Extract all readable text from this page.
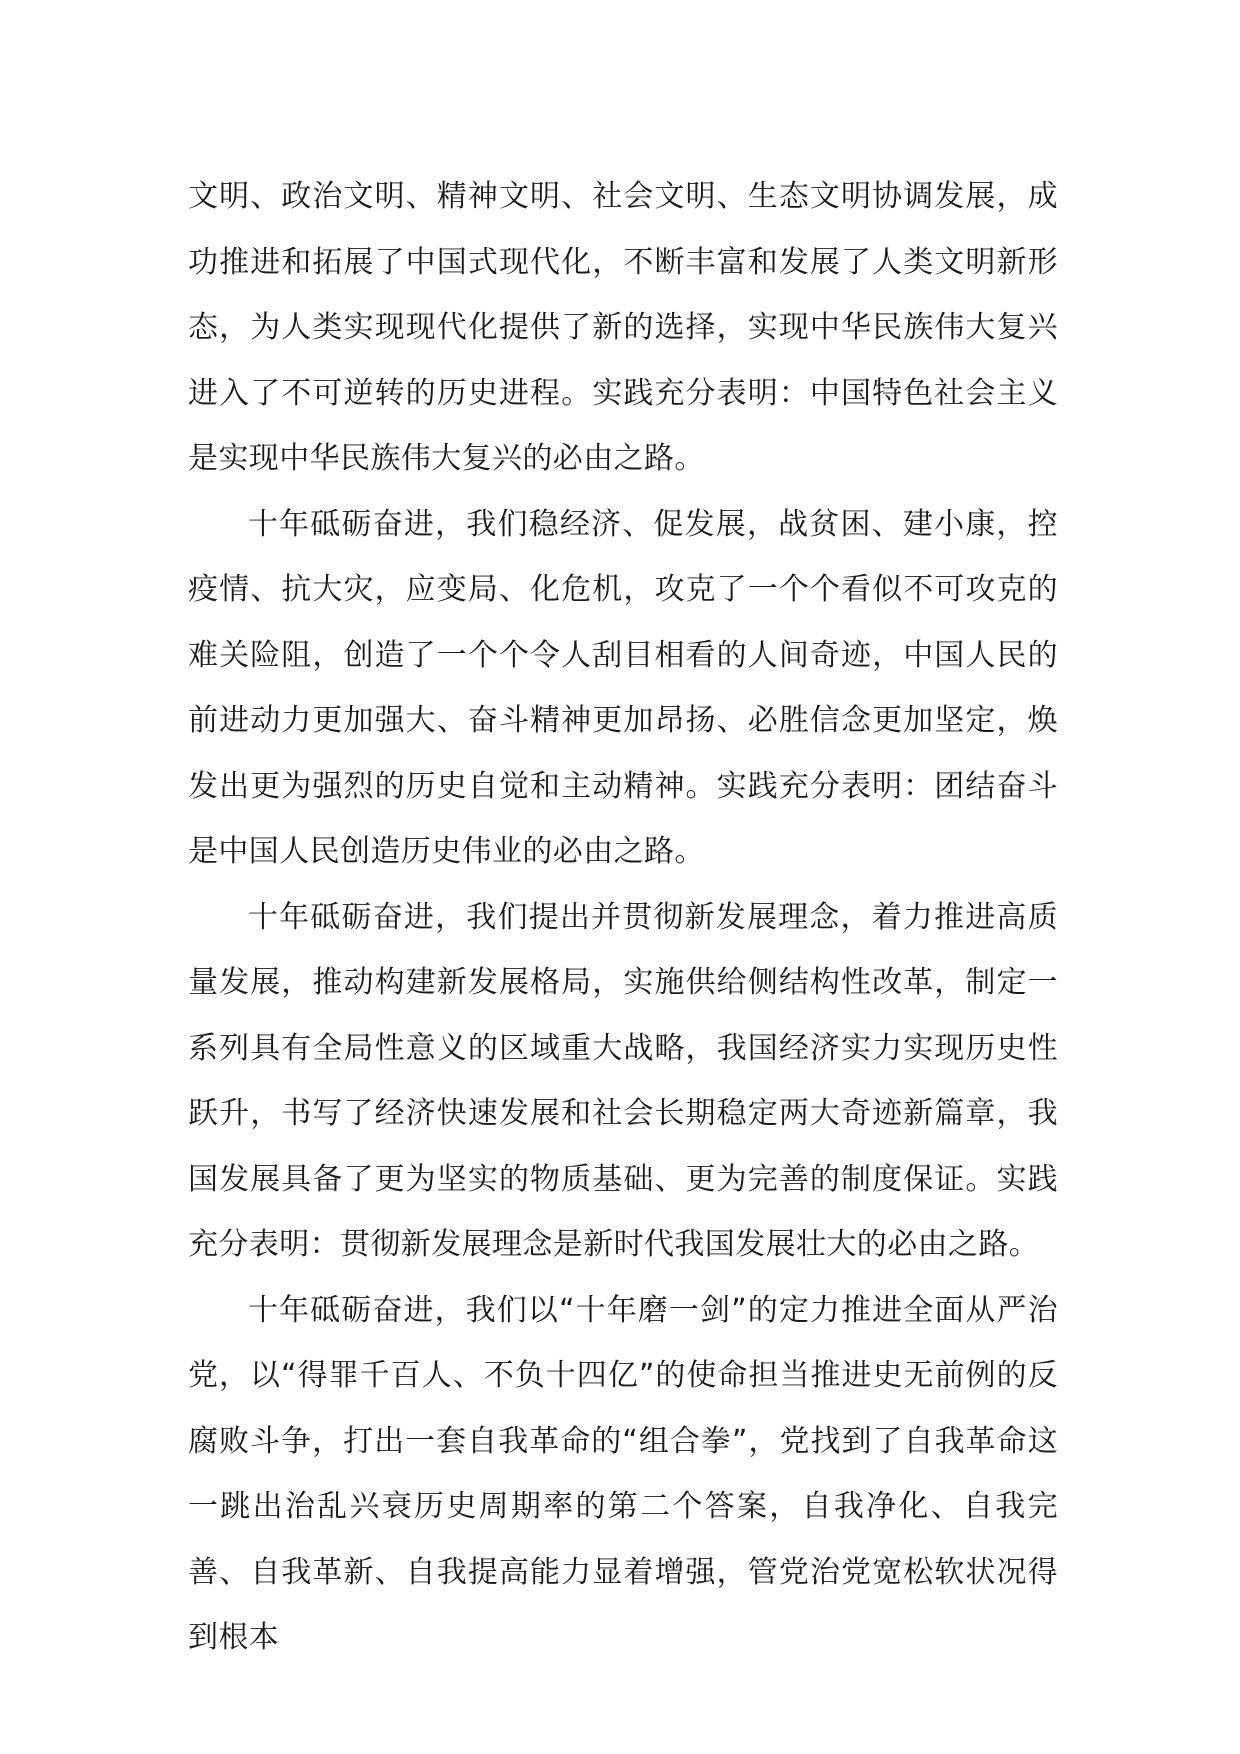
文明、政治文明、精神文明、社会文明、生态文明协调发展，成功推进和拓展了中国式现代化，不断丰富和发展了人类文明新形态，为人类实现现代化提供了新的选择，实现中华民族伟大复兴进入了不可逆转的历史进程。实践充分表明：中国特色社会主义是实现中华民族伟大复兴的必由之路。

十年砥砺奋进，我们稳经济、促发展，战贫困、建小康，控疫情、抗大灾，应变局、化危机，攻克了一个个看似不可攻克的难关险阻，创造了一个个令人刮目相看的人间奇迹，中国人民的前进动力更加强大、奋斗精神更加昂扬、必胜信念更加坚定，焕发出更为强烈的历史自觉和主动精神。实践充分表明：团结奋斗是中国人民创造历史伟业的必由之路。

十年砥砺奋进，我们提出并贯彻新发展理念，着力推进高质量发展，推动构建新发展格局，实施供给侧结构性改革，制定一系列具有全局性意义的区域重大战略，我国经济实力实现历史性跃升，书写了经济快速发展和社会长期稳定两大奇迹新篇章，我国发展具备了更为坚实的物质基础、更为完善的制度保证。实践充分表明：贯彻新发展理念是新时代我国发展壮大的必由之路。

十年砥砺奋进，我们以“十年磨一剑”的定力推进全面从严治党，以“得罪千百人、不负十四亿”的使命担当推进史无前例的反腐败斗争，打出一套自我革命的“组合拳”，党找到了自我革命这一跳出治乱兴衰历史周期率的第二个答案，自我净化、自我完善、自我革新、自我提高能力显着增强，管党治党宽松软状况得到根本
